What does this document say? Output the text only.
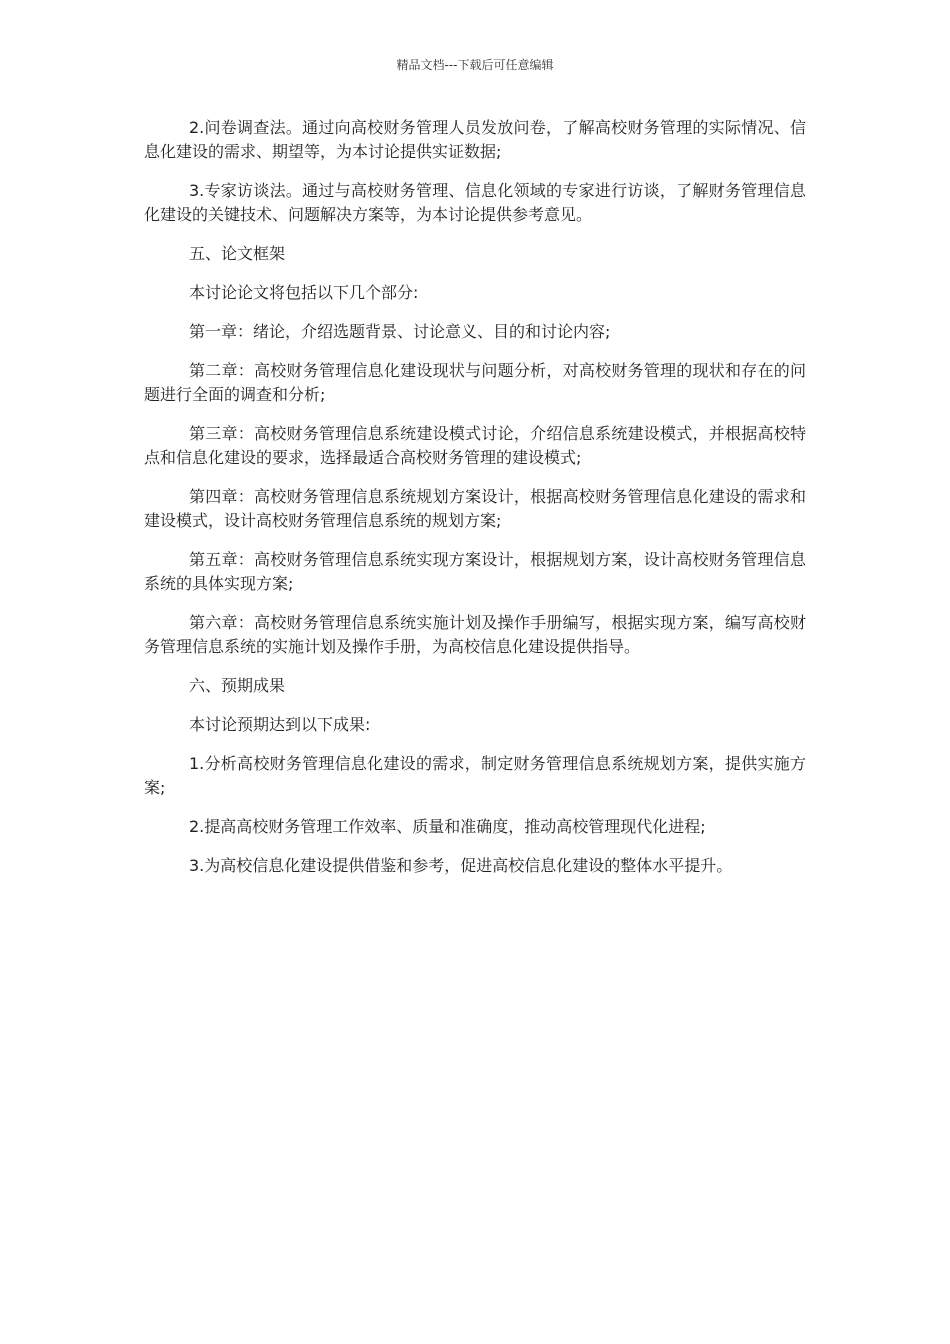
精品文档---下载后可任意编辑

2.问卷调查法。通过向高校财务管理人员发放问卷，了解高校财务管理的实际情况、信息化建设的需求、期望等，为本讨论提供实证数据;

3.专家访谈法。通过与高校财务管理、信息化领域的专家进行访谈，了解财务管理信息化建设的关键技术、问题解决方案等，为本讨论提供参考意见。

五、论文框架

本讨论论文将包括以下几个部分:

第一章：绪论，介绍选题背景、讨论意义、目的和讨论内容;

第二章：高校财务管理信息化建设现状与问题分析，对高校财务管理的现状和存在的问题进行全面的调查和分析;

第三章：高校财务管理信息系统建设模式讨论，介绍信息系统建设模式，并根据高校特点和信息化建设的要求，选择最适合高校财务管理的建设模式;

第四章：高校财务管理信息系统规划方案设计，根据高校财务管理信息化建设的需求和建设模式，设计高校财务管理信息系统的规划方案;

第五章：高校财务管理信息系统实现方案设计，根据规划方案，设计高校财务管理信息系统的具体实现方案;

第六章：高校财务管理信息系统实施计划及操作手册编写，根据实现方案，编写高校财务管理信息系统的实施计划及操作手册，为高校信息化建设提供指导。

六、预期成果

本讨论预期达到以下成果:

1.分析高校财务管理信息化建设的需求，制定财务管理信息系统规划方案，提供实施方案;

2.提高高校财务管理工作效率、质量和准确度，推动高校管理现代化进程;

3.为高校信息化建设提供借鉴和参考，促进高校信息化建设的整体水平提升。
